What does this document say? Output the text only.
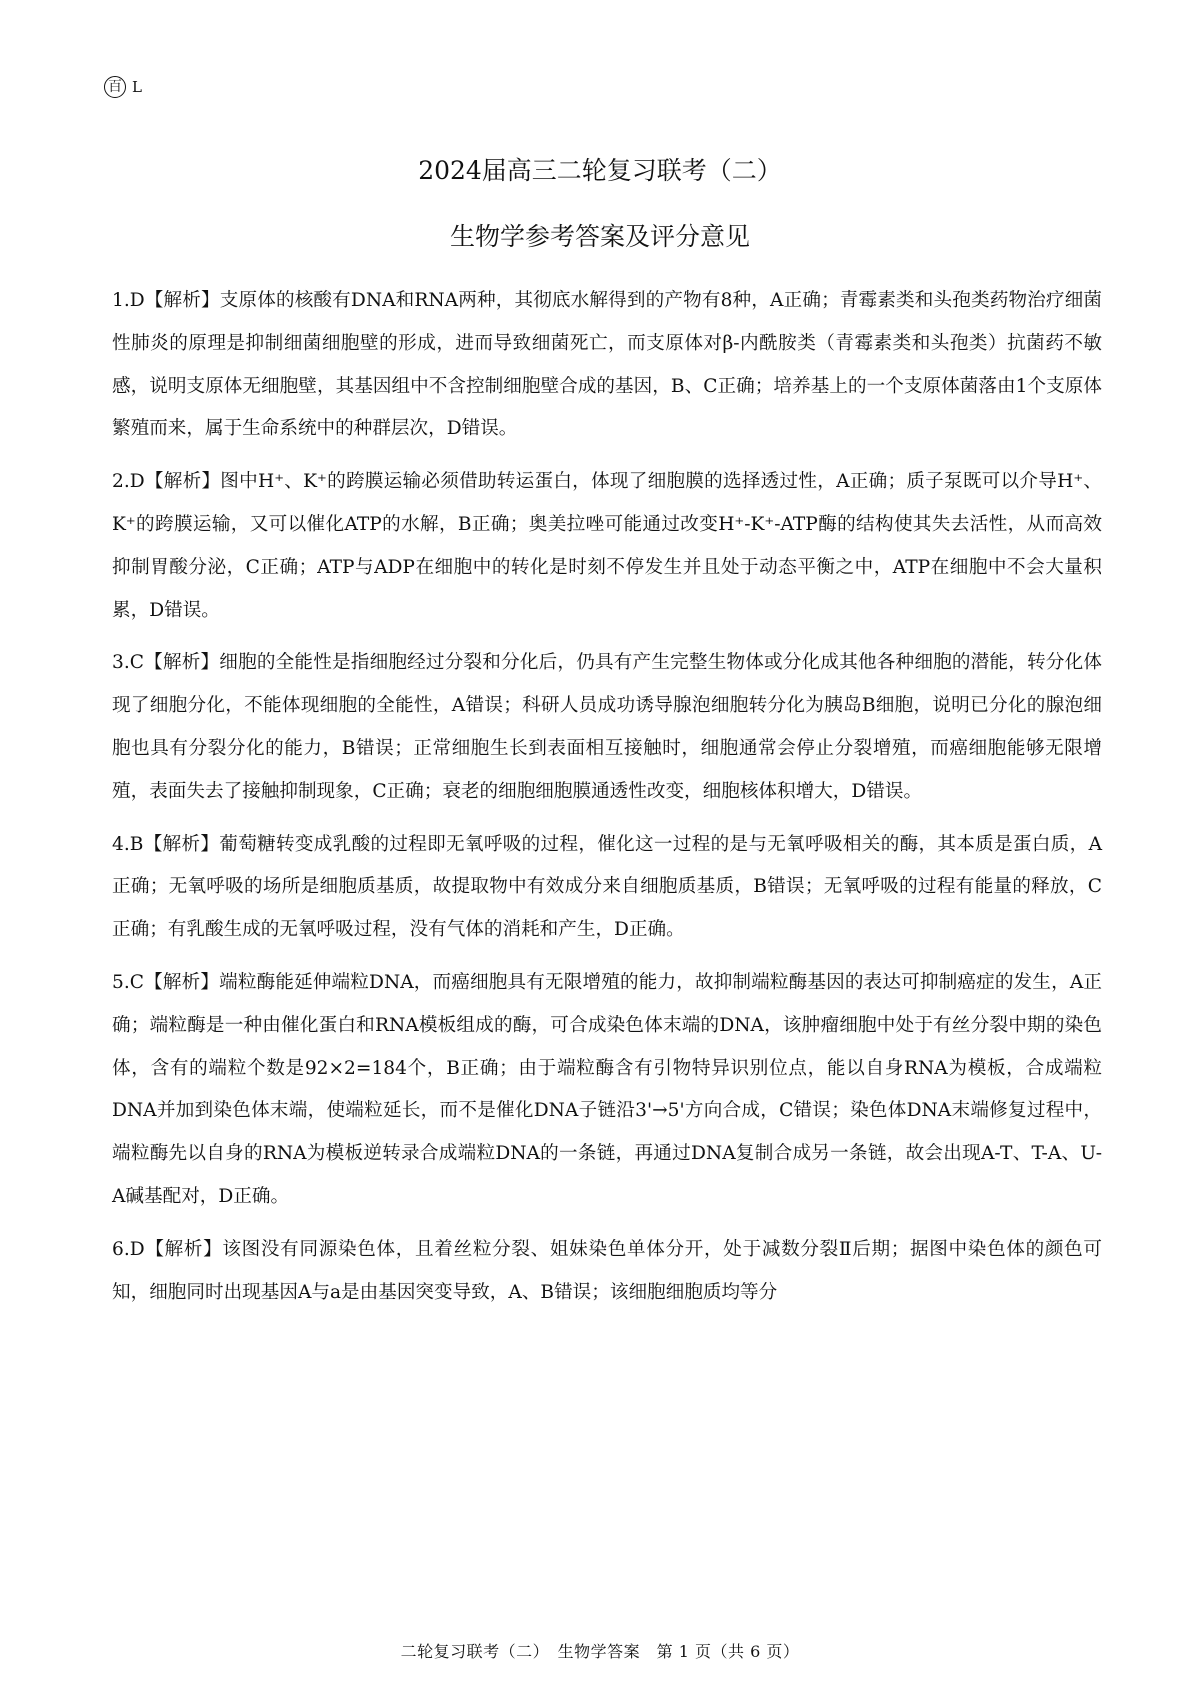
百 L
2024届高三二轮复习联考（二）
生物学参考答案及评分意见

1.D【解析】支原体的核酸有DNA和RNA两种，其彻底水解得到的产物有8种，A正确；青霉素类和头孢类药物治疗细菌性肺炎的原理是抑制细菌细胞壁的形成，进而导致细菌死亡，而支原体对β-内酰胺类（青霉素类和头孢类）抗菌药不敏感，说明支原体无细胞壁，其基因组中不含控制细胞壁合成的基因，B、C正确；培养基上的一个支原体菌落由1个支原体繁殖而来，属于生命系统中的种群层次，D错误。

2.D【解析】图中H⁺、K⁺的跨膜运输必须借助转运蛋白，体现了细胞膜的选择透过性，A正确；质子泵既可以介导H⁺、K⁺的跨膜运输，又可以催化ATP的水解，B正确；奥美拉唑可能通过改变H⁺-K⁺-ATP酶的结构使其失去活性，从而高效抑制胃酸分泌，C正确；ATP与ADP在细胞中的转化是时刻不停发生并且处于动态平衡之中，ATP在细胞中不会大量积累，D错误。

3.C【解析】细胞的全能性是指细胞经过分裂和分化后，仍具有产生完整生物体或分化成其他各种细胞的潜能，转分化体现了细胞分化，不能体现细胞的全能性，A错误；科研人员成功诱导腺泡细胞转分化为胰岛B细胞，说明已分化的腺泡细胞也具有分裂分化的能力，B错误；正常细胞生长到表面相互接触时，细胞通常会停止分裂增殖，而癌细胞能够无限增殖，表面失去了接触抑制现象，C正确；衰老的细胞细胞膜通透性改变，细胞核体积增大，D错误。

4.B【解析】葡萄糖转变成乳酸的过程即无氧呼吸的过程，催化这一过程的是与无氧呼吸相关的酶，其本质是蛋白质，A正确；无氧呼吸的场所是细胞质基质，故提取物中有效成分来自细胞质基质，B错误；无氧呼吸的过程有能量的释放，C正确；有乳酸生成的无氧呼吸过程，没有气体的消耗和产生，D正确。

5.C【解析】端粒酶能延伸端粒DNA，而癌细胞具有无限增殖的能力，故抑制端粒酶基因的表达可抑制癌症的发生，A正确；端粒酶是一种由催化蛋白和RNA模板组成的酶，可合成染色体末端的DNA，该肿瘤细胞中处于有丝分裂中期的染色体，含有的端粒个数是92×2=184个，B正确；由于端粒酶含有引物特异识别位点，能以自身RNA为模板，合成端粒DNA并加到染色体末端，使端粒延长，而不是催化DNA子链沿3'→5'方向合成，C错误；染色体DNA末端修复过程中，端粒酶先以自身的RNA为模板逆转录合成端粒DNA的一条链，再通过DNA复制合成另一条链，故会出现A-T、T-A、U-A碱基配对，D正确。

6.D【解析】该图没有同源染色体，且着丝粒分裂、姐妹染色单体分开，处于减数分裂Ⅱ后期；据图中染色体的颜色可知，细胞同时出现基因A与a是由基因突变导致，A、B错误；该细胞细胞质均等分

二轮复习联考（二）　生物学答案　第 1 页（共 6 页）
